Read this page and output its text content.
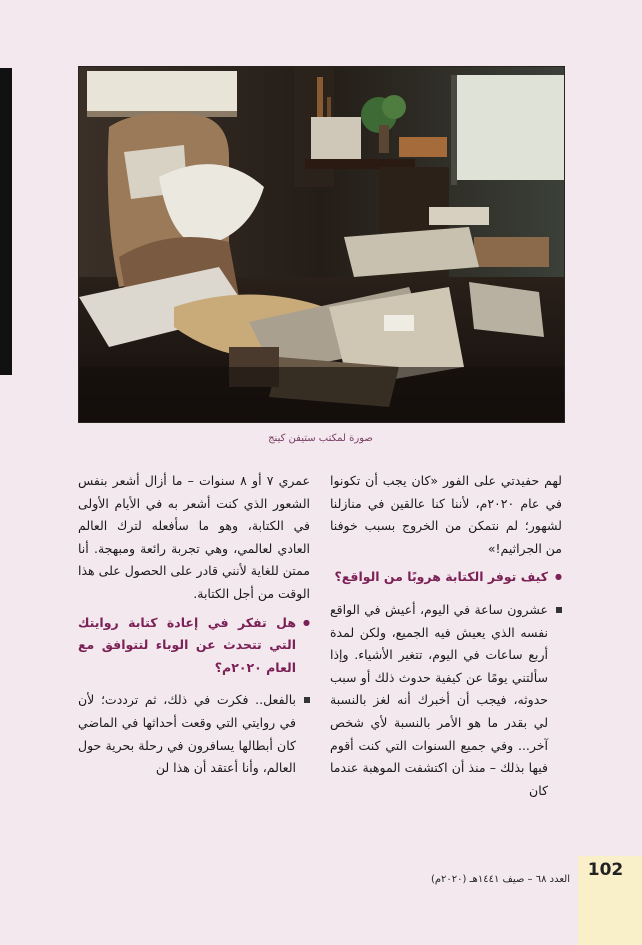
صورة لمكتب ستيفن كينج

لهم حفيدتي على الفور «كان يجب أن تكونوا في عام ٢٠٢٠م، لأننا كنا عالقين في منازلنا لشهور؛ لم نتمكن من الخروج بسبب خوفنا من الجراثيم!»

● كيف توفر الكتابة هروبًا من الواقع؟

عشرون ساعة في اليوم، أعيش في الواقع نفسه الذي يعيش فيه الجميع، ولكن لمدة أربع ساعات في اليوم، تتغير الأشياء. وإذا سألتني يومًا عن كيفية حدوث ذلك أو سبب حدوثه، فيجب أن أخبرك أنه لغز بالنسبة لي بقدر ما هو الأمر بالنسبة لأي شخص آخر... وفي جميع السنوات التي كنت أقوم فيها بذلك – منذ أن اكتشفت الموهبة عندما كان

عمري ٧ أو ٨ سنوات – ما أزال أشعر بنفس الشعور الذي كنت أشعر به في الأيام الأولى في الكتابة، وهو ما سأفعله لترك العالم العادي لعالمي، وهي تجربة رائعة ومبهجة. أنا ممتن للغاية لأنني قادر على الحصول على هذا الوقت من أجل الكتابة.

● هل تفكر في إعادة كتابة روايتك التي تتحدث عن الوباء لتتوافق مع العام ٢٠٢٠م؟

بالفعل.. فكرت في ذلك، ثم ترددت؛ لأن في روايتي التي وقعت أحداثها في الماضي كان أبطالها يسافرون في رحلة بحرية حول العالم، وأنا أعتقد أن هذا لن

102
العدد ٦٨ – صيف ١٤٤١هـ (٢٠٢٠م)
